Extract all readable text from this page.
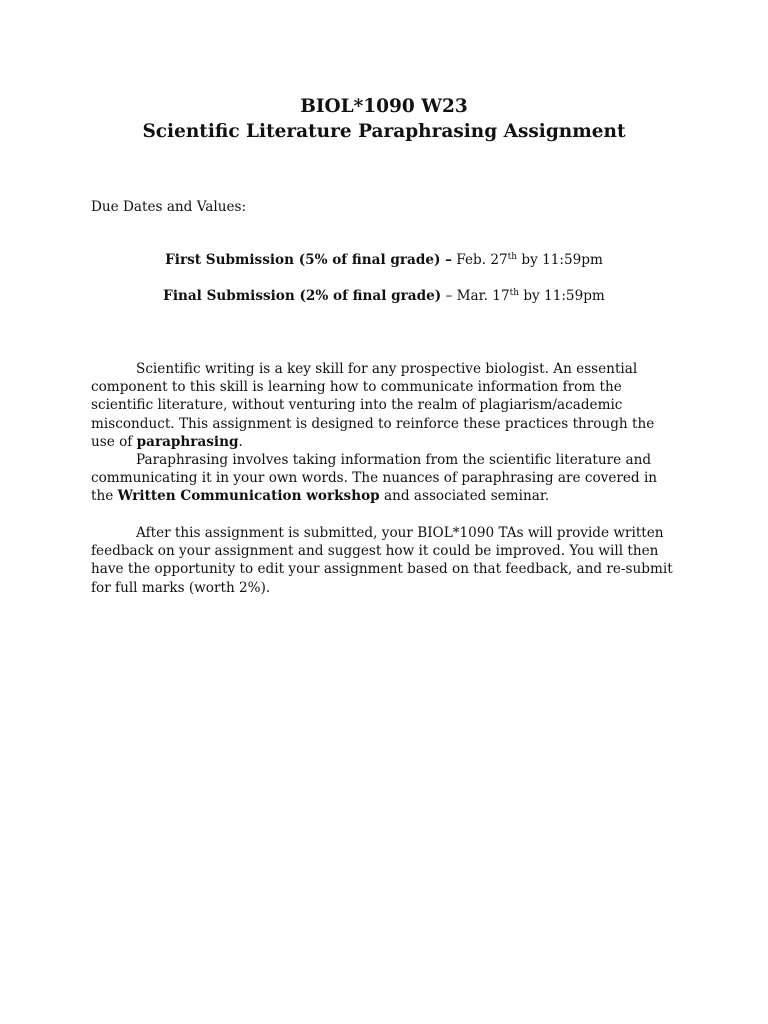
BIOL*1090 W23
Scientific Literature Paraphrasing Assignment
Due Dates and Values:
First Submission (5% of final grade) – Feb. 27th by 11:59pm
Final Submission (2% of final grade) – Mar. 17th by 11:59pm
Scientific writing is a key skill for any prospective biologist. An essential component to this skill is learning how to communicate information from the scientific literature, without venturing into the realm of plagiarism/academic misconduct. This assignment is designed to reinforce these practices through the use of paraphrasing.
Paraphrasing involves taking information from the scientific literature and communicating it in your own words. The nuances of paraphrasing are covered in the Written Communication workshop and associated seminar.
After this assignment is submitted, your BIOL*1090 TAs will provide written feedback on your assignment and suggest how it could be improved. You will then have the opportunity to edit your assignment based on that feedback, and re-submit for full marks (worth 2%).
